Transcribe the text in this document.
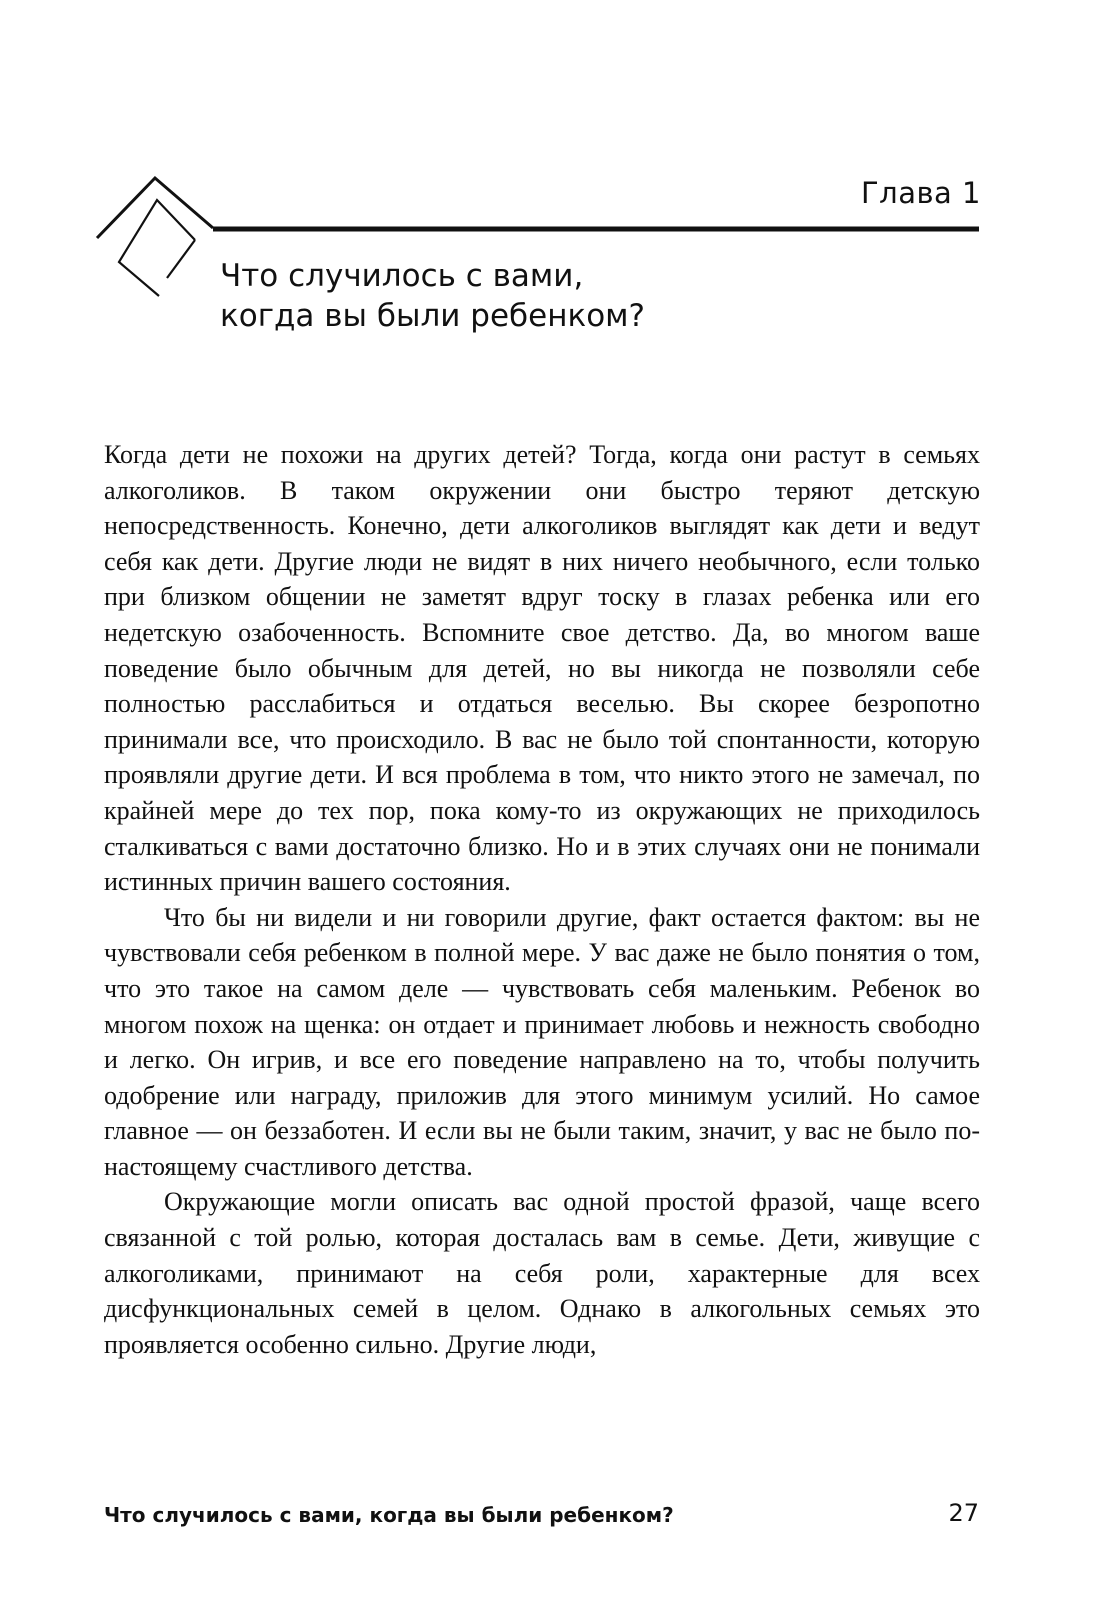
Глава 1
Что случилось с вами,
когда вы были ребенком?

Когда дети не похожи на других детей? Тогда, когда они растут в семьях алкоголиков. В таком окружении они быстро теряют детскую непосредственность. Конечно, дети алкоголиков выглядят как дети и ведут себя как дети. Другие люди не видят в них ничего необычного, если только при близком общении не заметят вдруг тоску в глазах ребенка или его недетскую озабоченность. Вспомните свое детство. Да, во многом ваше поведение было обычным для детей, но вы никогда не позволяли себе полностью расслабиться и отдаться веселью. Вы скорее безропотно принимали все, что происходило. В вас не было той спонтанности, которую проявляли другие дети. И вся проблема в том, что никто этого не замечал, по крайней мере до тех пор, пока кому-то из окружающих не приходилось сталкиваться с вами достаточно близко. Но и в этих случаях они не понимали истинных причин вашего состояния.

Что бы ни видели и ни говорили другие, факт остается фактом: вы не чувствовали себя ребенком в полной мере. У вас даже не было понятия о том, что это такое на самом деле — чувствовать себя маленьким. Ребенок во многом похож на щенка: он отдает и принимает любовь и нежность свободно и легко. Он игрив, и все его поведение направлено на то, чтобы получить одобрение или награду, приложив для этого минимум усилий. Но самое главное — он беззаботен. И если вы не были таким, значит, у вас не было по-настоящему счастливого детства.

Окружающие могли описать вас одной простой фразой, чаще всего связанной с той ролью, которая досталась вам в семье. Дети, живущие с алкоголиками, принимают на себя роли, характерные для всех дисфункциональных семей в целом. Однако в алкогольных семьях это проявляется особенно сильно. Другие люди,

Что случилось с вами, когда вы были ребенком?	27
